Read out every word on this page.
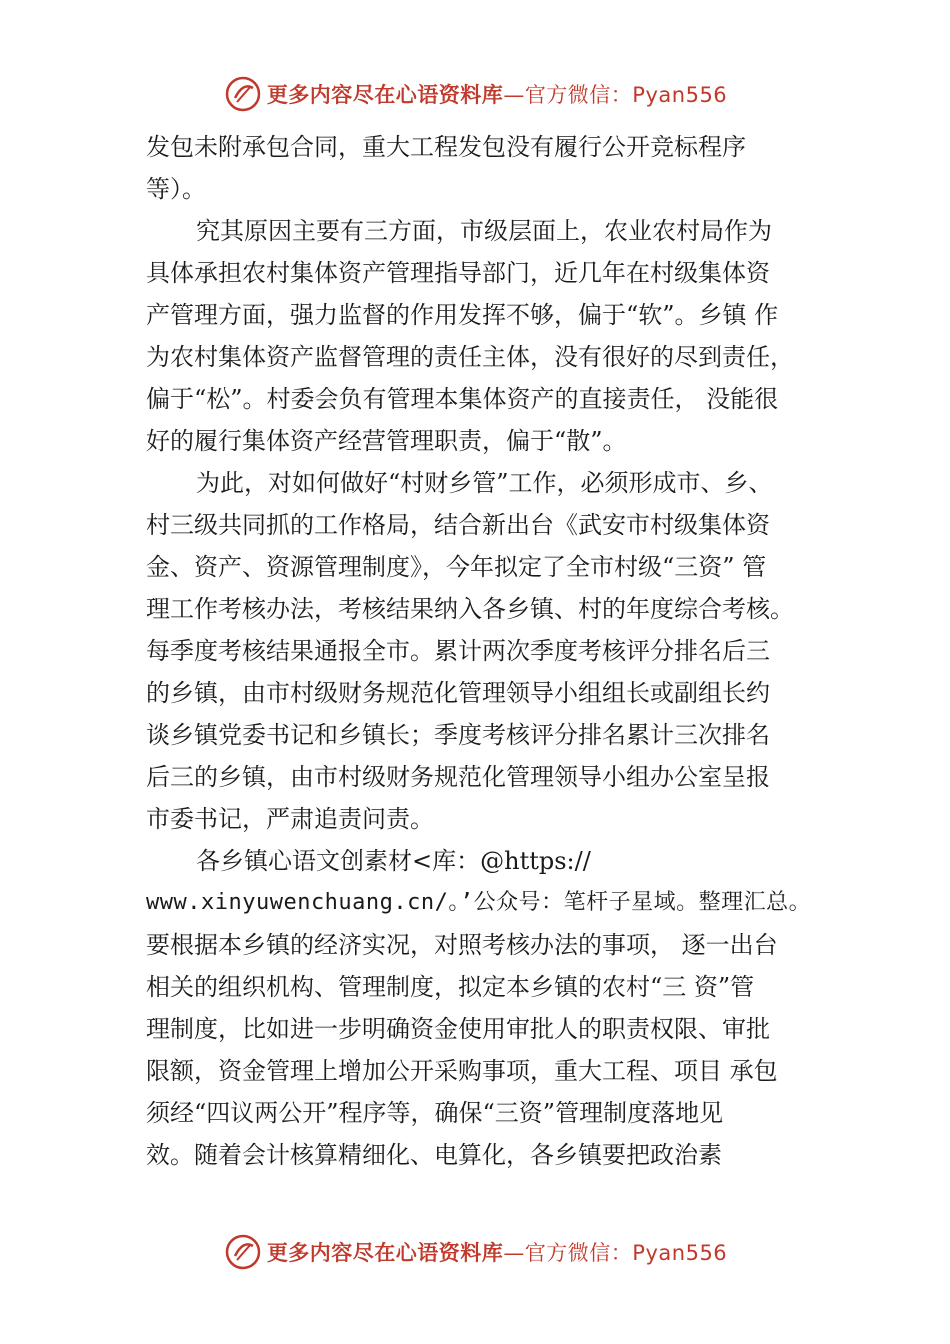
更多内容尽在心语资料库—官方微信：Pyan556
发包未附承包合同，重大工程发包没有履行公开竞标程序
等）。
究其原因主要有三方面，市级层面上，农业农村局作为
具体承担农村集体资产管理指导部门，近几年在村级集体资
产管理方面，强力监督的作用发挥不够，偏于“软”。乡镇 作
为农村集体资产监督管理的责任主体，没有很好的尽到责任，
偏于“松”。村委会负有管理本集体资产的直接责任， 没能很
好的履行集体资产经营管理职责，偏于“散”。
为此，对如何做好“村财乡管”工作，必须形成市、乡、
村三级共同抓的工作格局，结合新出台《武安市村级集体资
金、资产、资源管理制度》，今年拟定了全市村级“三资” 管
理工作考核办法，考核结果纳入各乡镇、村的年度综合考核。
每季度考核结果通报全市。累计两次季度考核评分排名后三
的乡镇，由市村级财务规范化管理领导小组组长或副组长约
谈乡镇党委书记和乡镇长；季度考核评分排名累计三次排名
后三的乡镇，由市村级财务规范化管理领导小组办公室呈报
市委书记，严肃追责问责。
各乡镇心语文创素材<库：@https://
www.xinyuwenchuang.cn/。’公众号：笔杆子星域。整理汇总。
要根据本乡镇的经济实况，对照考核办法的事项， 逐一出台
相关的组织机构、管理制度，拟定本乡镇的农村“三 资”管
理制度，比如进一步明确资金使用审批人的职责权限、审批
限额，资金管理上增加公开采购事项，重大工程、项目 承包
须经“四议两公开”程序等，确保“三资”管理制度落地见
效。随着会计核算精细化、电算化，各乡镇要把政治素
更多内容尽在心语资料库—官方微信：Pyan556
